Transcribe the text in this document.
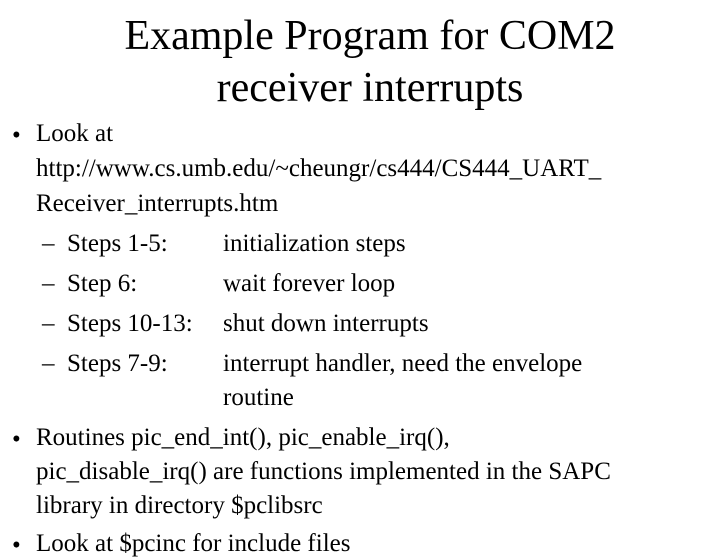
Example Program for COM2
receiver interrupts
• Look at
http://www.cs.umb.edu/~cheungr/cs444/CS444_UART_
Receiver_interrupts.htm
– Steps 1-5: initialization steps
– Step 6:	wait forever loop
– Steps 10-13: shut down interrupts
– Steps 7-9: interrupt handler, need the envelope
routine
• Routines pic_end_int(), pic_enable_irq(),
pic_disable_irq() are functions implemented in the SAPC
library in directory $pclibsrc
• Look at $pcinc for include files
